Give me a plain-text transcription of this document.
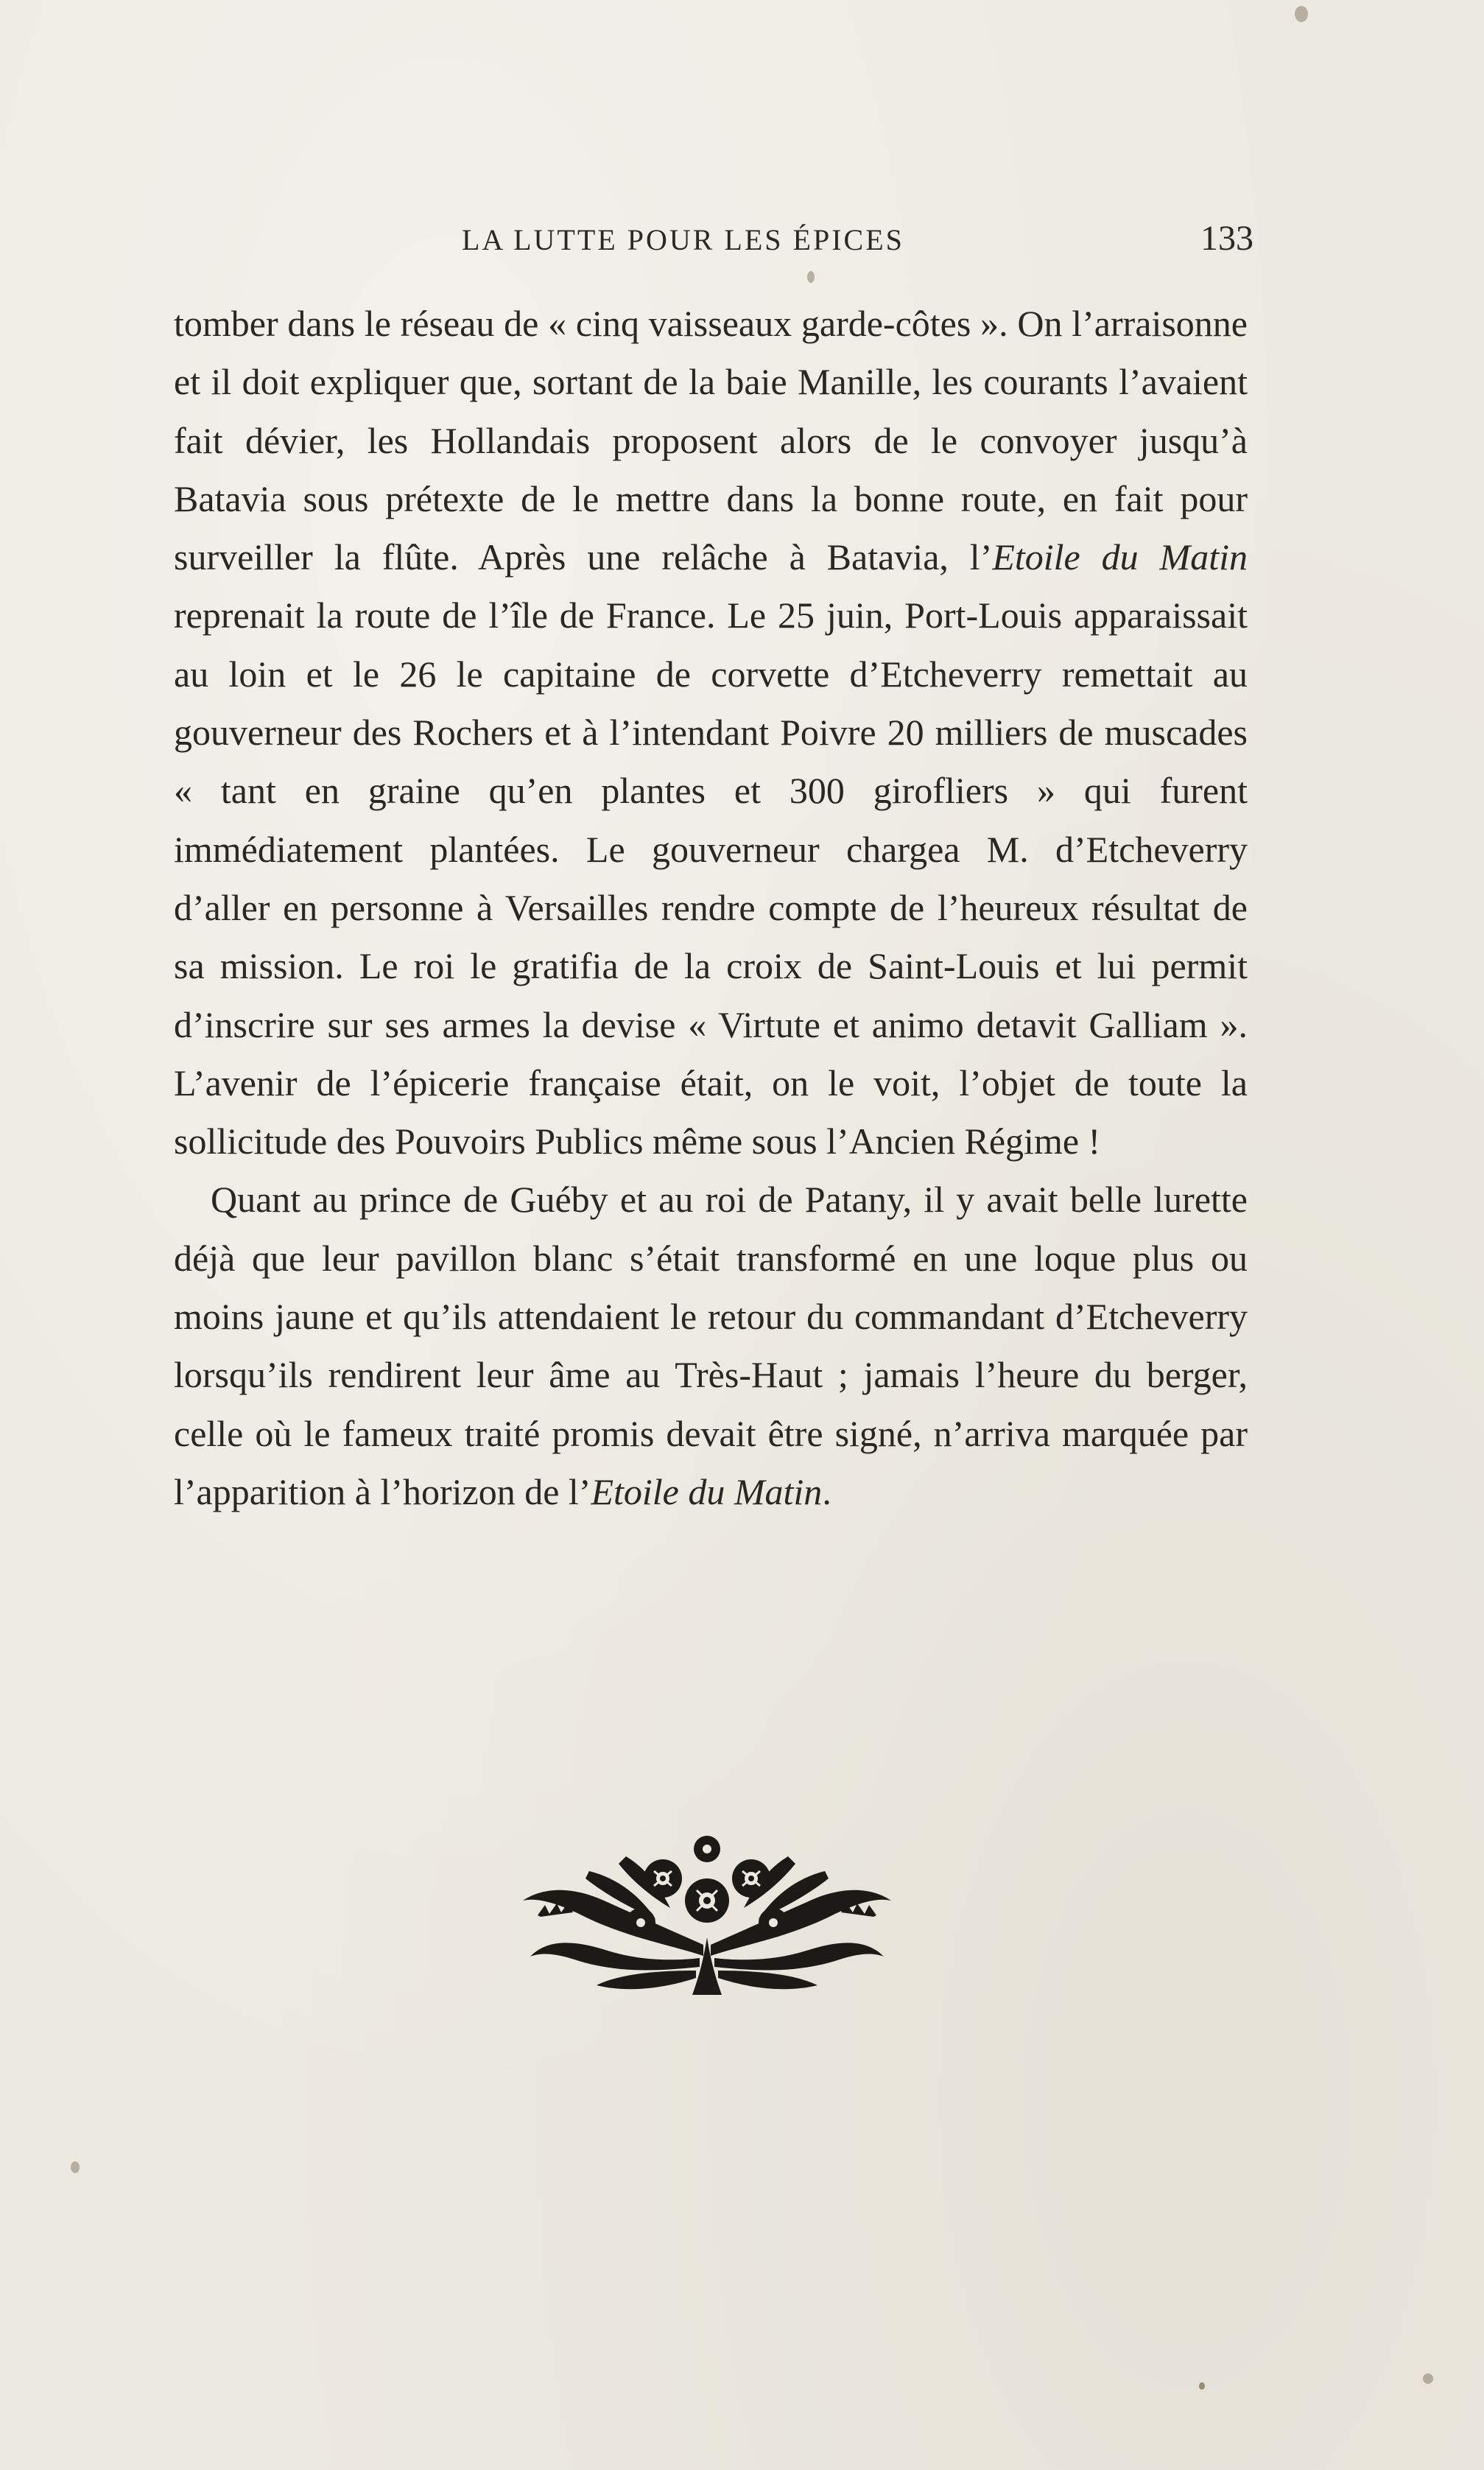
LA LUTTE POUR LES ÉPICES	133

tomber dans le réseau de « cinq vaisseaux garde-côtes ». On l’arraisonne et il doit expliquer que, sortant de la baie Manille, les courants l’avaient fait dévier, les Hollandais proposent alors de le convoyer jusqu’à Batavia sous prétexte de le mettre dans la bonne route, en fait pour surveiller la flûte. Après une relâche à Batavia, l’Etoile du Matin reprenait la route de l’île de France. Le 25 juin, Port-Louis apparaissait au loin et le 26 le capitaine de corvette d’Etcheverry remettait au gouverneur des Rochers et à l’intendant Poivre 20 milliers de muscades « tant en graine qu’en plantes et 300 girofliers » qui furent immédiatement plantées. Le gouverneur chargea M. d’Etcheverry d’aller en personne à Versailles rendre compte de l’heureux résultat de sa mission. Le roi le gratifia de la croix de Saint-Louis et lui permit d’inscrire sur ses armes la devise « Virtute et animo detavit Galliam ». L’avenir de l’épicerie française était, on le voit, l’objet de toute la sollicitude des Pouvoirs Publics même sous l’Ancien Régime !

Quant au prince de Guéby et au roi de Patany, il y avait belle lurette déjà que leur pavillon blanc s’était transformé en une loque plus ou moins jaune et qu’ils attendaient le retour du commandant d’Etcheverry lorsqu’ils rendirent leur âme au Très-Haut ; jamais l’heure du berger, celle où le fameux traité promis devait être signé, n’arriva marquée par l’apparition à l’horizon de l’Etoile du Matin.
